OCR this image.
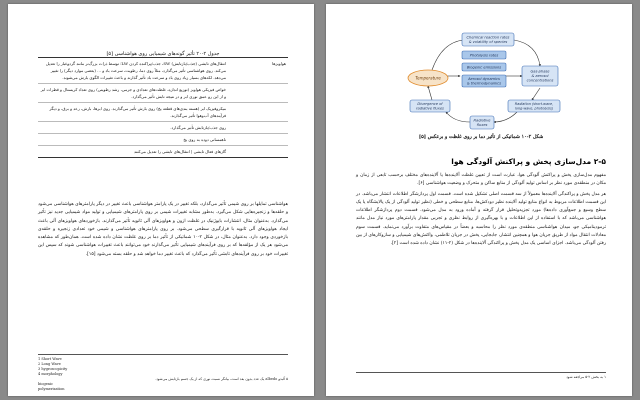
جدول ۲-۲۰ تأثیر گونه‌های شیمیایی روی هواشناسی [۵]
هواویزها
انتقال‌های تابشی (جذب/بازتابش) SW، جذب/پراکنده کردن LW؛ توسط ذرات بزرگ‌تر مانند گردوغبار را تعدیل می‌کند. روی هواشناسی تأثیر می‌گذارد، مثلاً روی دما، رطوبت، سرعت باد و ... (بعضی موارد دیگر) را تغییر می‌دهد. لکه‌های بسیار زیاد روی باد و سرعت باد تأثیر گذارند و باعث تغییرات الگوی بارش می‌شوند.
خواص فیزیکی هواویز (توزیع اندازه، غلظت‌های تعدادی و جرمی، رشد رطوبتی) روی تعداد کریستال و قطرات ابر و از این رو عمق نوری ابر و در نتیجه تابش تأثیر می‌گذارد.
میکروفیزیک ابر (هسته بندی‌های قطعه یخ) روی بارش تأثیر می‌گذارند. روی ابرها، بارش، رعد و برق، و دیگر فرآیندهای آب‌وهوا تأثیر می‌گذارند.
روی جذب/بازتابش تأثیر می‌گذارد.
ناهمسانی دوده به روی یخ
گازهای فعال تابشی | انتقال‌های تابشی را تعدیل می‌کنند
هواشناسی تمایلها بر روی شیمی تأثیر می‌گذارد، بلکه تغییر در یک پارامتر هواشناسی باعث تغییر در دیگر پارامترهای هواشناسی می‌شود و حلقه‌ها و زنجیره‌هایی شکل می‌گیرد. به‌طور مشابه تغییرات شیمی بر روی پارامترهای شیمیایی و تولید مواد شیمیایی جدید نیز تأثیر می‌گذارد. به‌عنوان مثال، انتشارات بایوژنیک در غلظت ازون و هواویزهای آلی ثانویه تأثیر می‌گذارند. بازخوردهای هواویزهای آلی باعث ایجاد هواویزهای آلی ثانویه با قرارگیری سطحی می‌شود. بر روی پارامترهای هواشناسی و شیمی خود تعدادی زنجیره و حلقه‌ی بازخوردی وجود دارد. به‌عنوان مثال، در شکل ۲-۱۰ شماتیکی از تأثیر دما بر روی غلظت نشان داده شده است. همان‌طور که مشاهده می‌شود هر یک از مؤلفه‌ها که بر روی فرآیندهای شیمیایی تأثیر می‌گذارند خود می‌توانند باعث تغییرات هواشناسی شوند که سپس این تغییرات خود بر روی فرآیندهای تابشی تأثیر می‌گذارد که باعث تغییر دما خواهد شد و حلقه بسته می‌شود [۱۵].
1 Short Wave
2 Long Wave
3 hygroscopicity
4 morphology
۵ آلبدو albedo یک عدد بدون بعد است، بیانگر نسبت نوری که از یک جسم بازتابش می‌شود.
biogenic
polymerization
Chemical reaction rates
& volatility of species
Photolysis rates
Biogenic emissions
Aerosol dynamics
& thermodynamics
Temperature
Gas-phase
& aerosol
concentrations
Divergence of
radiative fluxes
Radiation (short-wave,
long-wave, photolysis)
Radiative
fluxes
شکل ۲-۱۰ شماتیکی از تأثیر دما بر روی غلظت و برعکس [۵]
۲-۵ مدل‌سازی پخش و پراکنش آلودگی هوا

مفهوم مدل‌سازی پخش و پراکنش آلودگی هوا، عبارت است از تعیین غلظت آلاینده‌ها یا آلاینده‌های مختلف برحسب تابعی از زمان و مکان در منطقه‌ی مورد نظر بر اساس تولید آلودگی از منابع ساکن و متحرک و وضعیت هواشناسی [۶].

هر مدل پخش و پراکندگی آلاینده‌ها معمولاً از سه قسمت اصلی تشکیل شده است. قسمت اول پردازشگر اطلاعات انتشار می‌باشد. در این قسمت اطلاعات مربوط به انواع منابع تولید آلاینده نظیر دودکش‌ها، منابع سطحی و خطی (نظیر تولید آلودگی از یک پالایشگاه یا یک سطح وسیع و جمع‌آوری داده‌ها) مورد تجزیه‌وتحلیل قرار گرفته و آماده ورود به مدل می‌شود. قسمت دوم پردازشگر اطلاعات هواشناسی می‌باشد که با استفاده از این اطلاعات و با بهره‌گیری از روابط نظری و تجربی مقدار پارامترهای مورد نیاز مدل مانند ترمودینامیکی جو، میدان هواشناسی منطقه‌ی مورد نظر را محاسبه و بعضاً در مقیاس‌های متفاوت برآورد می‌نماید. قسمت سوم معادلات انتقال مواد از طریق جریان هوا و همچنین انتشار، جابجایی، پخش در جریان تلاطمی، واکنش‌های شیمیایی و سازوکارهای از بین رفتن آلودگی می‌باشد. اجزای اساسی یک مدل پخش و پراکندگی آلاینده‌ها در شکل (۲-۱۱) نشان داده شده است [۲].

۱ به بخش ۲-۵ مراجعه شود
